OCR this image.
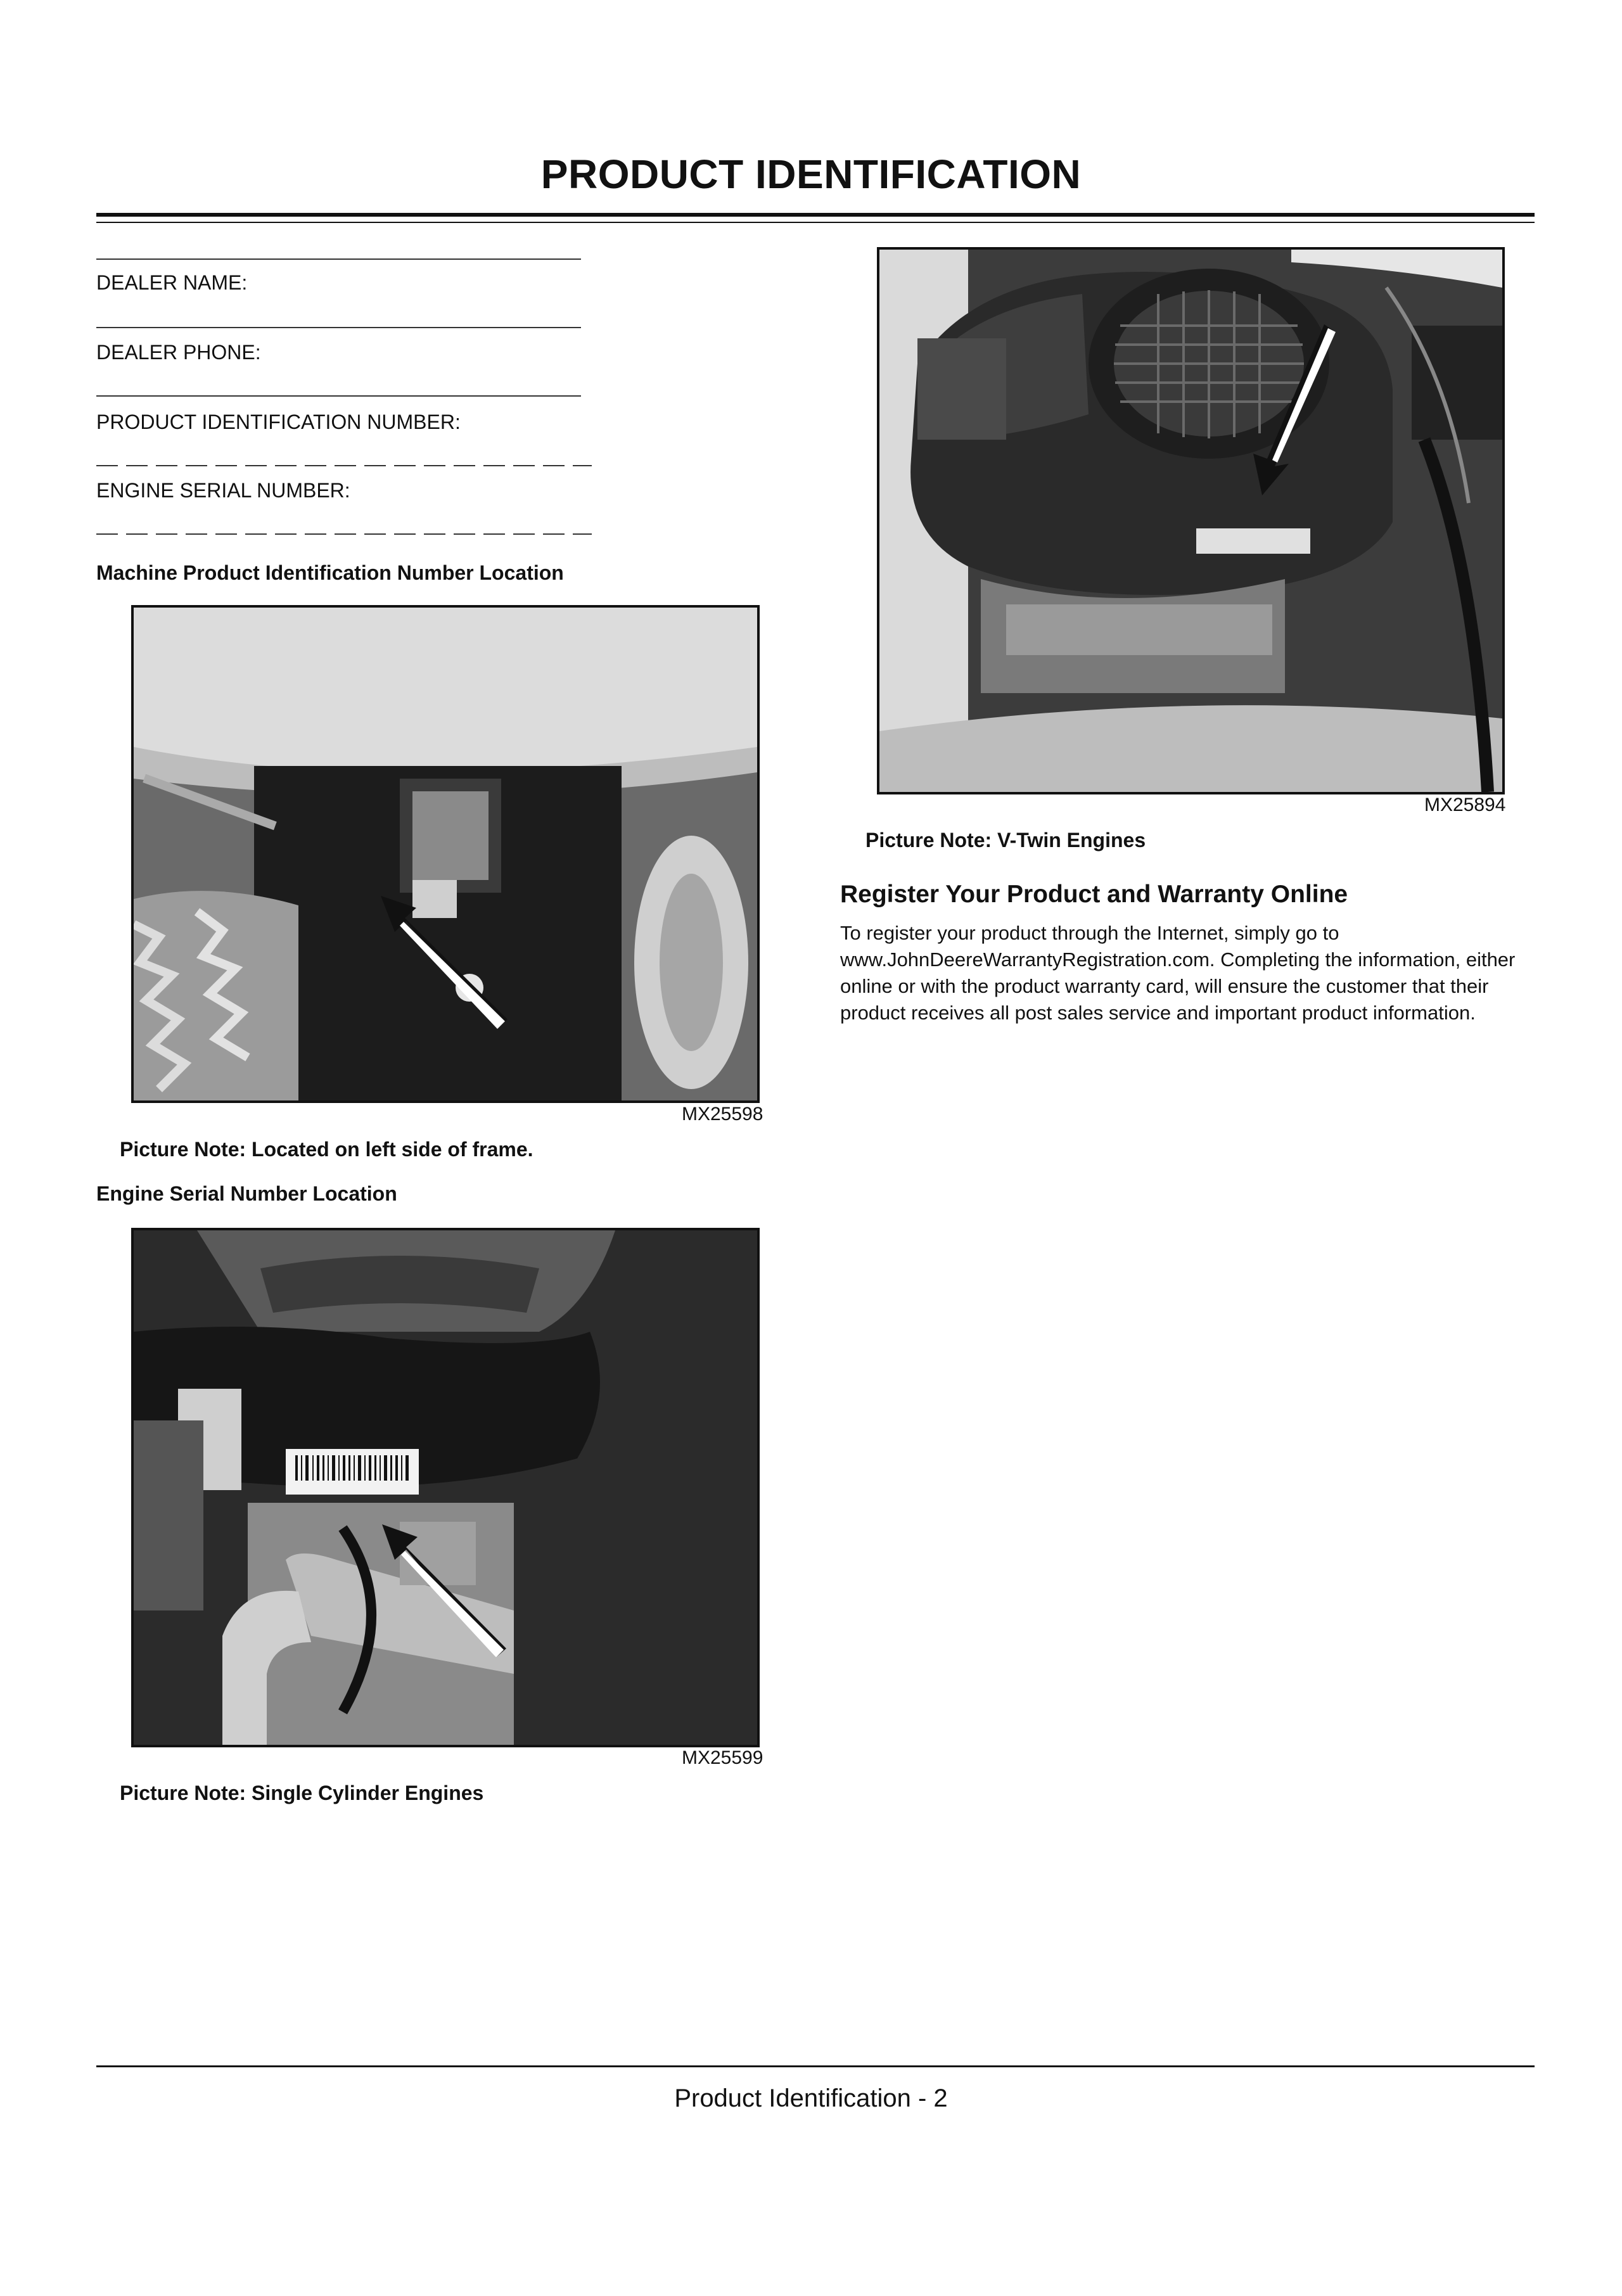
PRODUCT IDENTIFICATION
DEALER NAME:
DEALER PHONE:
PRODUCT IDENTIFICATION NUMBER:
ENGINE SERIAL NUMBER:
Machine Product Identification Number Location
MX25598
Picture Note: Located on left side of frame.
Engine Serial Number Location
MX25599
Picture Note: Single Cylinder Engines
MX25894
Picture Note: V-Twin Engines
Register Your Product and Warranty Online
To register your product through the Internet, simply go to www.JohnDeereWarrantyRegistration.com. Completing the information, either online or with the product warranty card, will ensure the customer that their product receives all post sales service and important product information.
Product Identification - 2
